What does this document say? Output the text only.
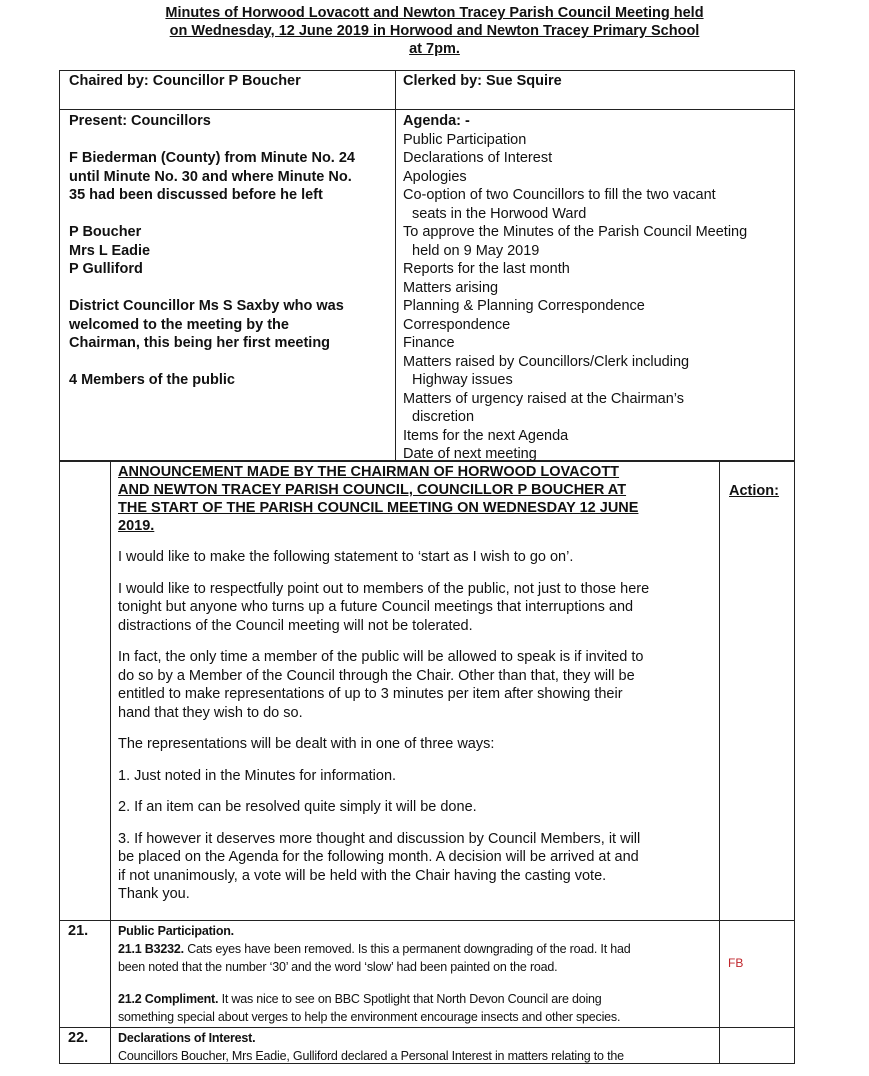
Minutes of Horwood Lovacott and Newton Tracey Parish Council Meeting held
on Wednesday, 12 June 2019 in Horwood and Newton Tracey Primary School
at 7pm.
Chaired by: Councillor P Boucher	Clerked by: Sue Squire
Present: Councillors
F Biederman (County) from Minute No. 24
until Minute No. 30 and where Minute No.
35 had been discussed before he left
P Boucher
Mrs L Eadie
P Gulliford
District Councillor Ms S Saxby who was
welcomed to the meeting by the
Chairman, this being her first meeting
4 Members of the public
Agenda: -
Public Participation
Declarations of Interest
Apologies
Co-option of two Councillors to fill the two vacant
seats in the Horwood Ward
To approve the Minutes of the Parish Council Meeting
held on 9 May 2019
Reports for the last month
Matters arising
Planning & Planning Correspondence
Correspondence
Finance
Matters raised by Councillors/Clerk including
Highway issues
Matters of urgency raised at the Chairman’s
discretion
Items for the next Agenda
Date of next meeting
ANNOUNCEMENT MADE BY THE CHAIRMAN OF HORWOOD LOVACOTT
AND NEWTON TRACEY PARISH COUNCIL, COUNCILLOR P BOUCHER AT
THE START OF THE PARISH COUNCIL MEETING ON WEDNESDAY 12 JUNE
2019.

I would like to make the following statement to ‘start as I wish to go on’.

I would like to respectfully point out to members of the public, not just to those here

tonight but anyone who turns up a future Council meetings that interruptions and

distractions of the Council meeting will not be tolerated.

In fact, the only time a member of the public will be allowed to speak is if invited to

do so by a Member of the Council through the Chair. Other than that, they will be

entitled to make representations of up to 3 minutes per item after showing their

hand that they wish to do so.

The representations will be dealt with in one of three ways:

1. Just noted in the Minutes for information.

2. If an item can be resolved quite simply it will be done.

3. If however it deserves more thought and discussion by Council Members, it will

be placed on the Agenda for the following month. A decision will be arrived at and

if not unanimously, a vote will be held with the Chair having the casting vote.

Thank you.

Action:
21. Public Participation.
21.1 B3232. Cats eyes have been removed. Is this a permanent downgrading of the road. It had
been noted that the number ‘30’ and the word ‘slow’ had been painted on the road.
21.2 Compliment. It was nice to see on BBC Spotlight that North Devon Council are doing
something special about verges to help the environment encourage insects and other species.
FB
22. Declarations of Interest.
Councillors Boucher, Mrs Eadie, Gulliford declared a Personal Interest in matters relating to the
